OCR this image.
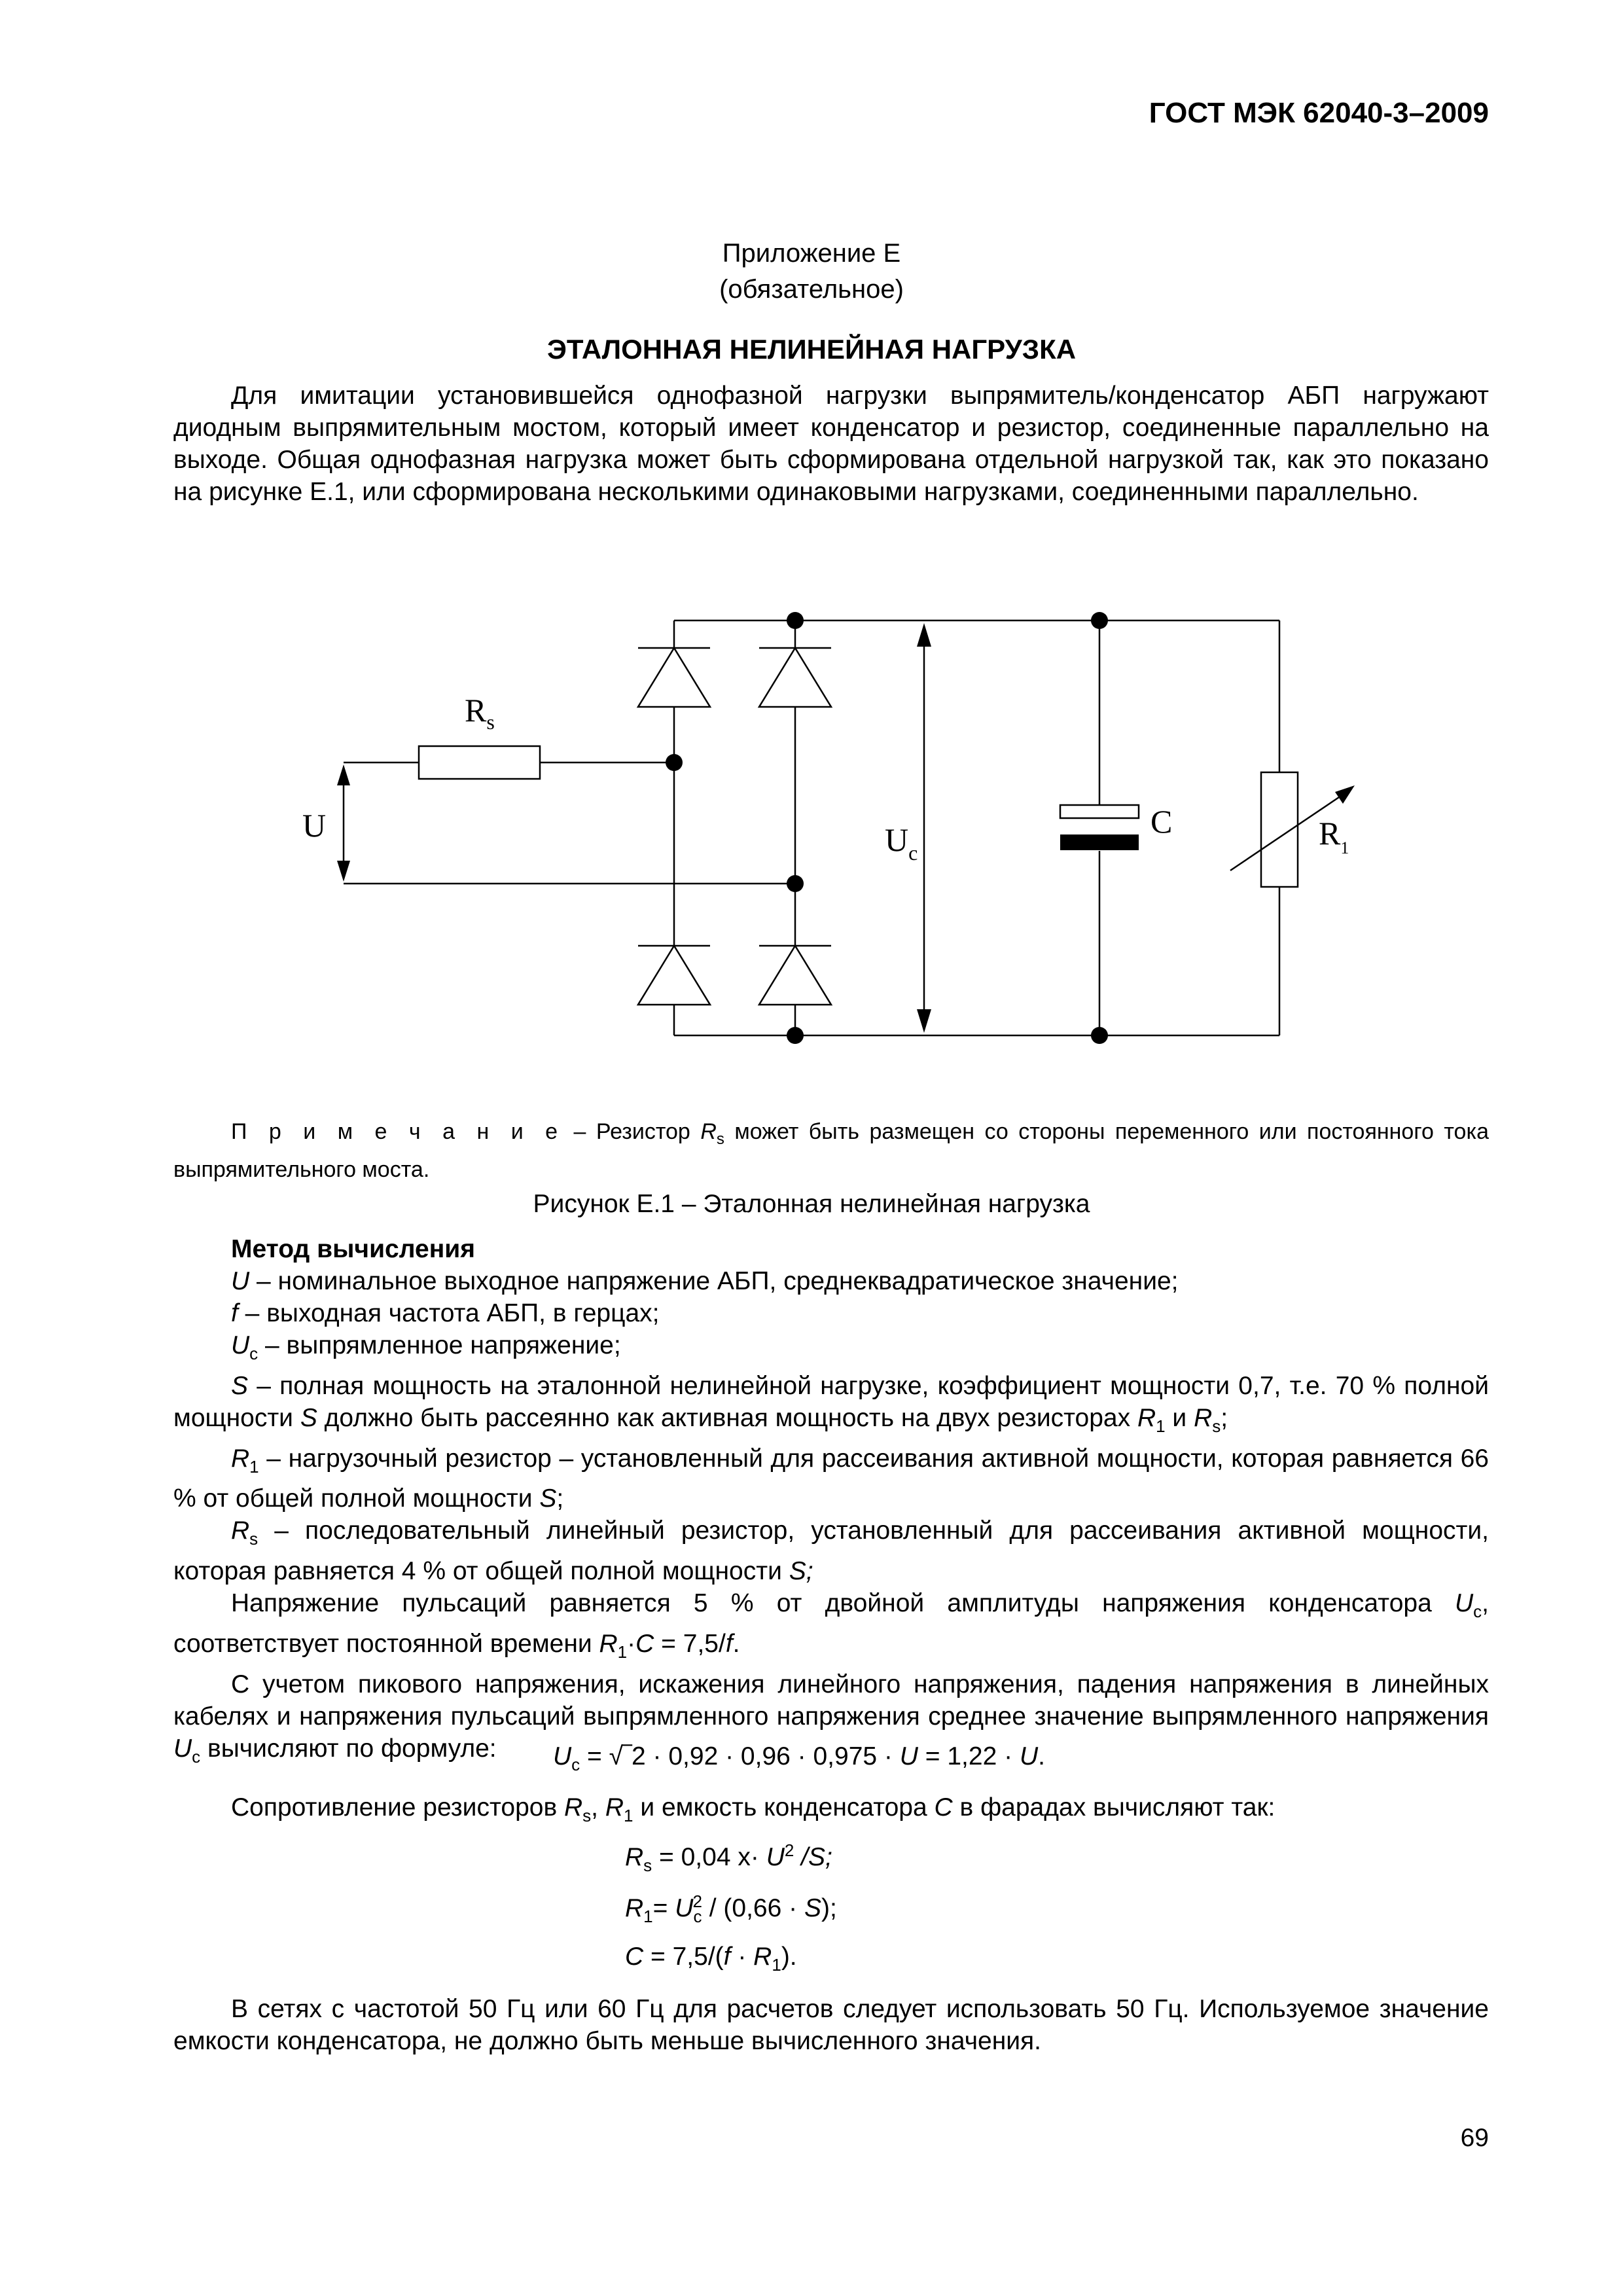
ГОСТ МЭК 62040-3–2009
Приложение Е
(обязательное)
ЭТАЛОННАЯ НЕЛИНЕЙНАЯ НАГРУЗКА

Для имитации установившейся однофазной нагрузки выпрямитель/конденсатор АБП нагружают диодным выпрямительным мостом, который имеет конденсатор и резистор, соединенные параллельно на выходе. Общая однофазная нагрузка может быть сформирована отдельной нагрузкой так, как это показано на рисунке Е.1, или сформирована несколькими одинаковыми нагрузками, соединенными параллельно.

$R_s$
U	$U_c$
C	$R_1$

П р и м е ч а н и е – Резистор $R_s$ может быть размещен со стороны переменного или постоянного тока выпрямительного моста.

Рисунок Е.1 – Эталонная нелинейная нагрузка

Метод вычисления

U – номинальное выходное напряжение АБП, среднеквадратическое значение;

f – выходная частота АБП, в герцах;

$U_c$ – выпрямленное напряжение;

S – полная мощность на эталонной нелинейной нагрузке, коэффициент мощности 0,7, т.е. 70 % полной мощности S должно быть рассеянно как активная мощность на двух резисторах $R_1$ и $R_s$;

$R_1$ – нагрузочный резистор – установленный для рассеивания активной мощности, которая равняется 66 % от общей полной мощности S;

$R_s$ – последовательный линейный резистор, установленный для рассеивания активной мощности, которая равняется 4 % от общей полной мощности S;

Напряжение пульсаций равняется 5 % от двойной амплитуды напряжения конденсатора $U_c$, соответствует постоянной времени $R_1\cdot C = 7,5/f$.

С учетом пикового напряжения, искажения линейного напряжения, падения напряжения в линейных кабелях и напряжения пульсаций выпрямленного напряжения среднее значение выпрямленного напряжения $U_c$ вычисляют по формуле:	$U_c$ = √‾2 · 0,92 · 0,96 · 0,975 · U = 1,22 · U.

Сопротивление резисторов $R_s$, $R_1$ и емкость конденсатора C в фарадах вычисляют так:

$R_s = 0,04$ $x\cdot U^2$ /S;
$R_1= U_c^2 / (0,66 \cdot S)$;
$C = 7,5/(f \cdot R_1)$.

В сетях с частотой 50 Гц или 60 Гц для расчетов следует использовать 50 Гц. Используемое значение емкости конденсатора, не должно быть меньше вычисленного значения.

69
